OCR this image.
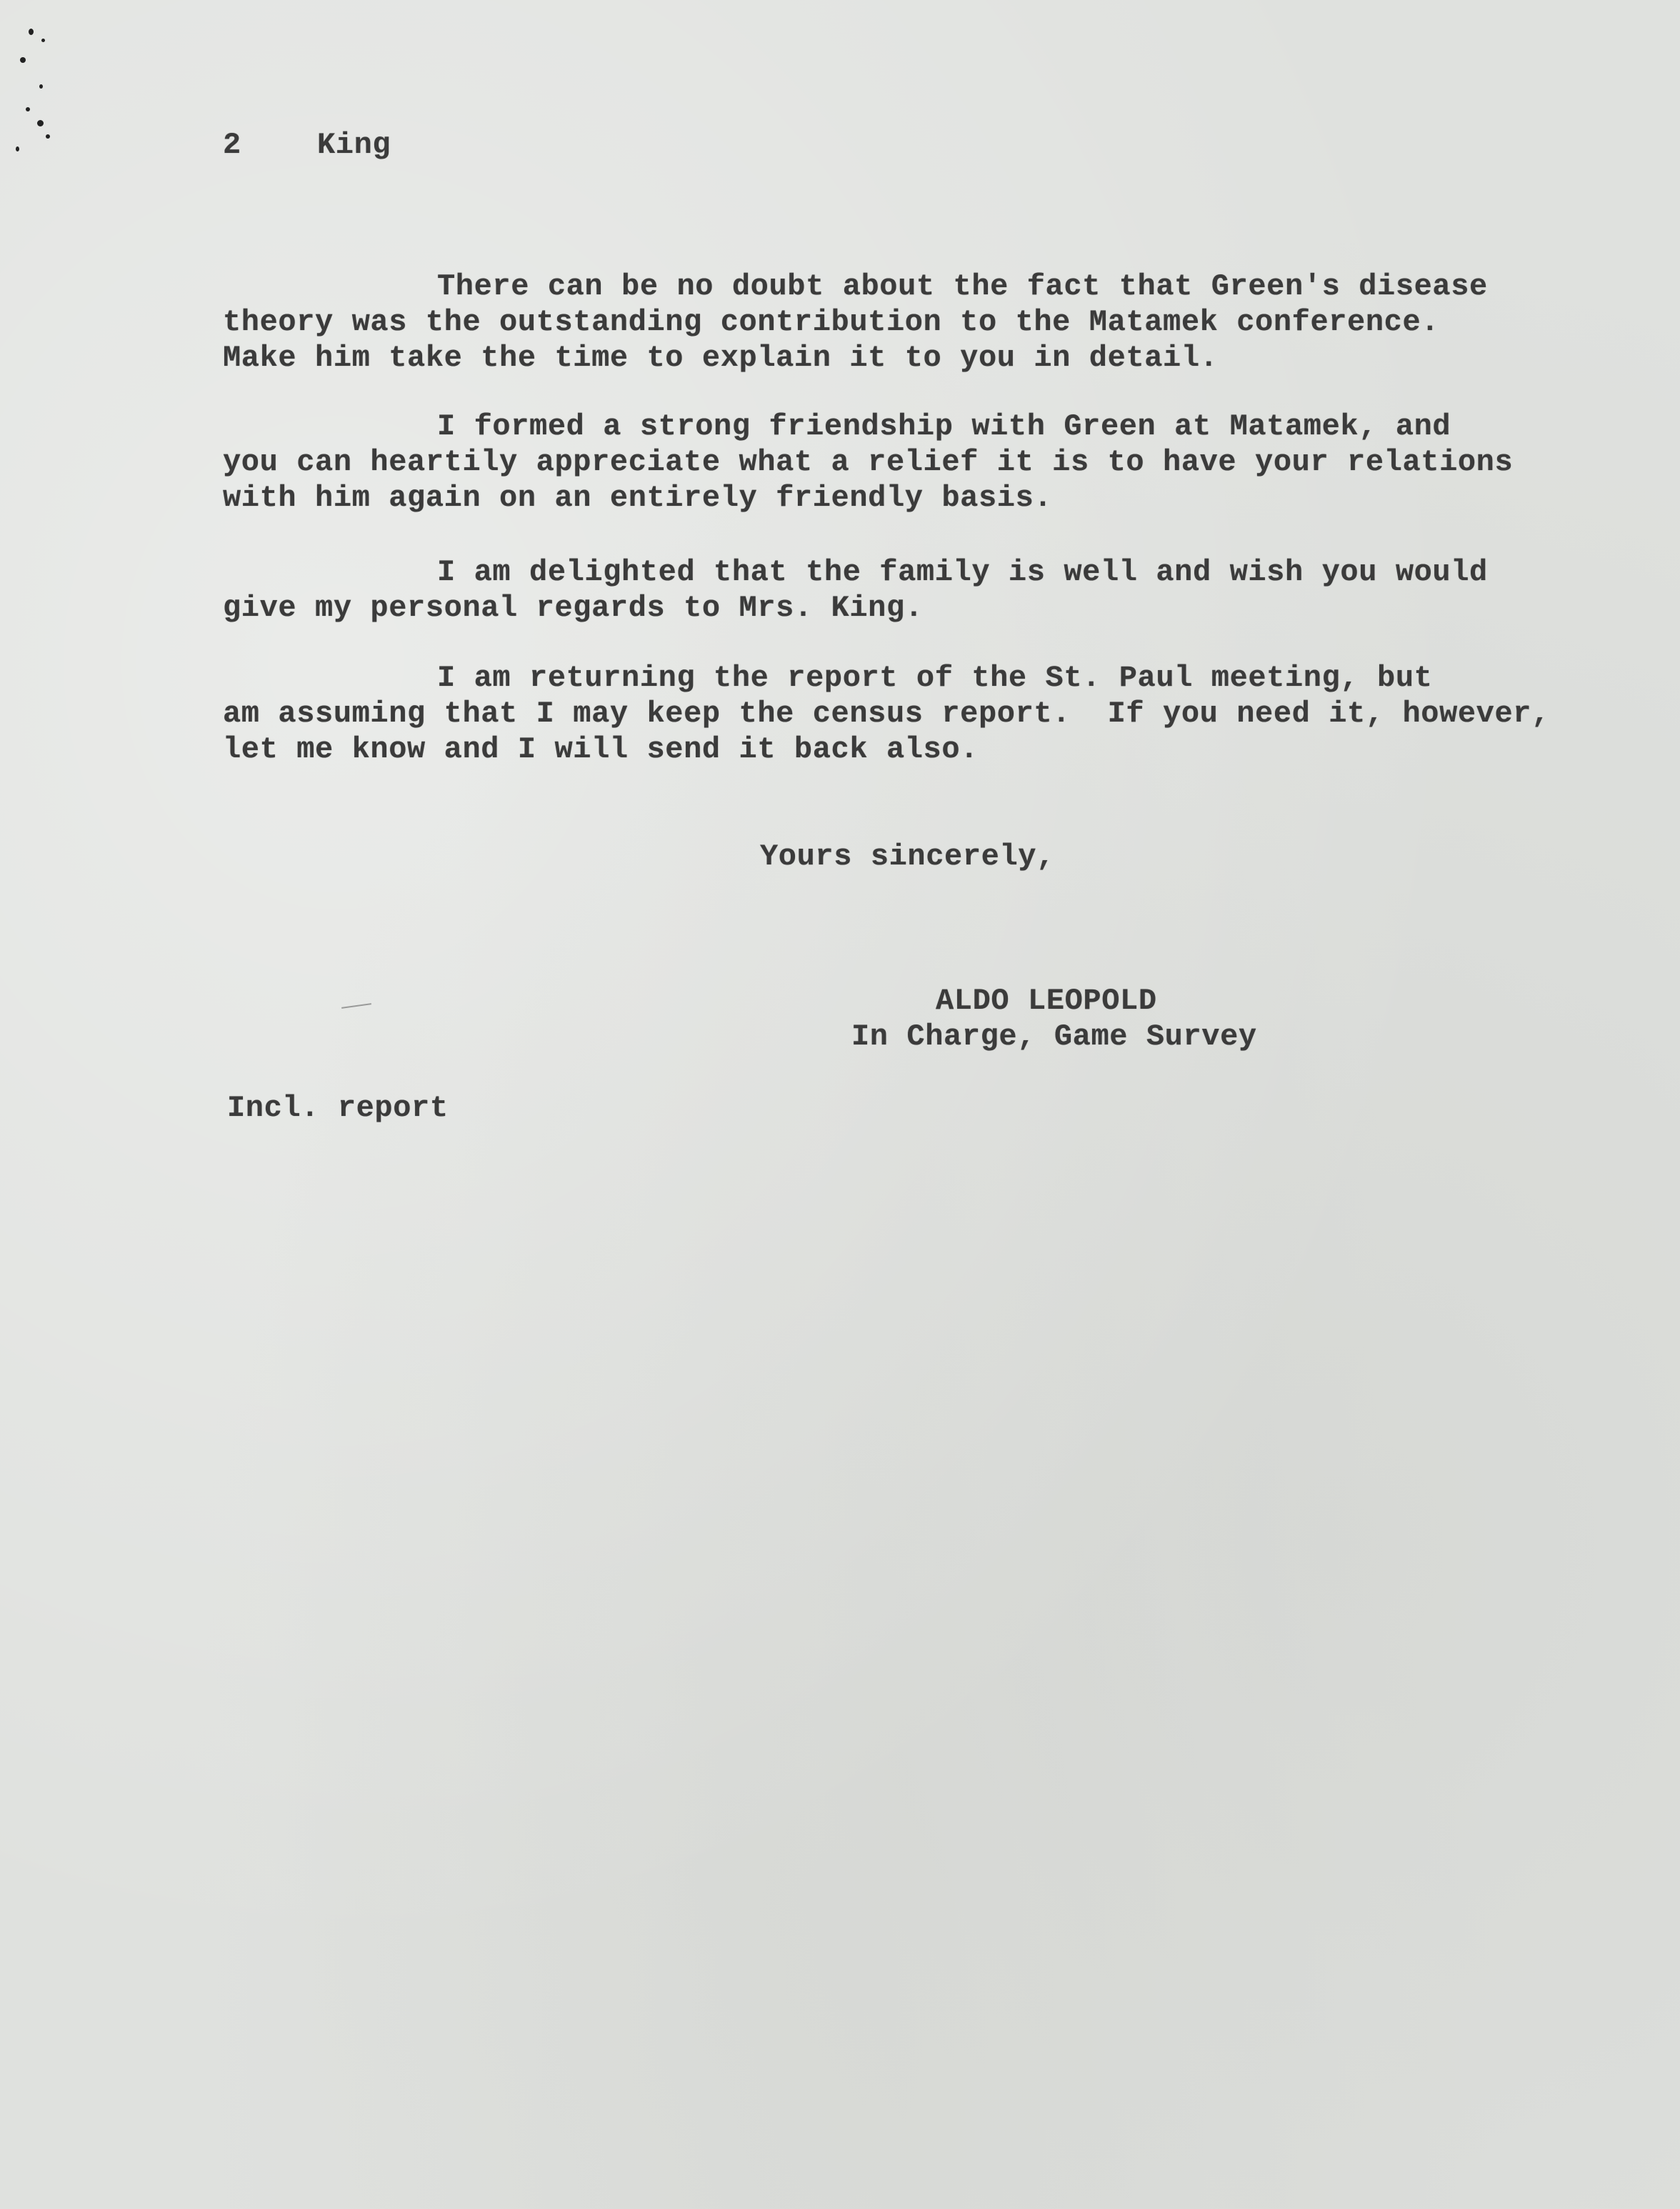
2	King
There can be no doubt about the fact that Green's disease
theory was the outstanding contribution to the Matamek conference.
Make him take the time to explain it to you in detail.
I formed a strong friendship with Green at Matamek, and
you can heartily appreciate what a relief it is to have your relations
with him again on an entirely friendly basis.
I am delighted that the family is well and wish you would
give my personal regards to Mrs. King.
I am returning the report of the St. Paul meeting, but
am assuming that I may keep the census report.  If you need it, however,
let me know and I will send it back also.
Yours sincerely,
ALDO LEOPOLD
In Charge, Game Survey
Incl. report
